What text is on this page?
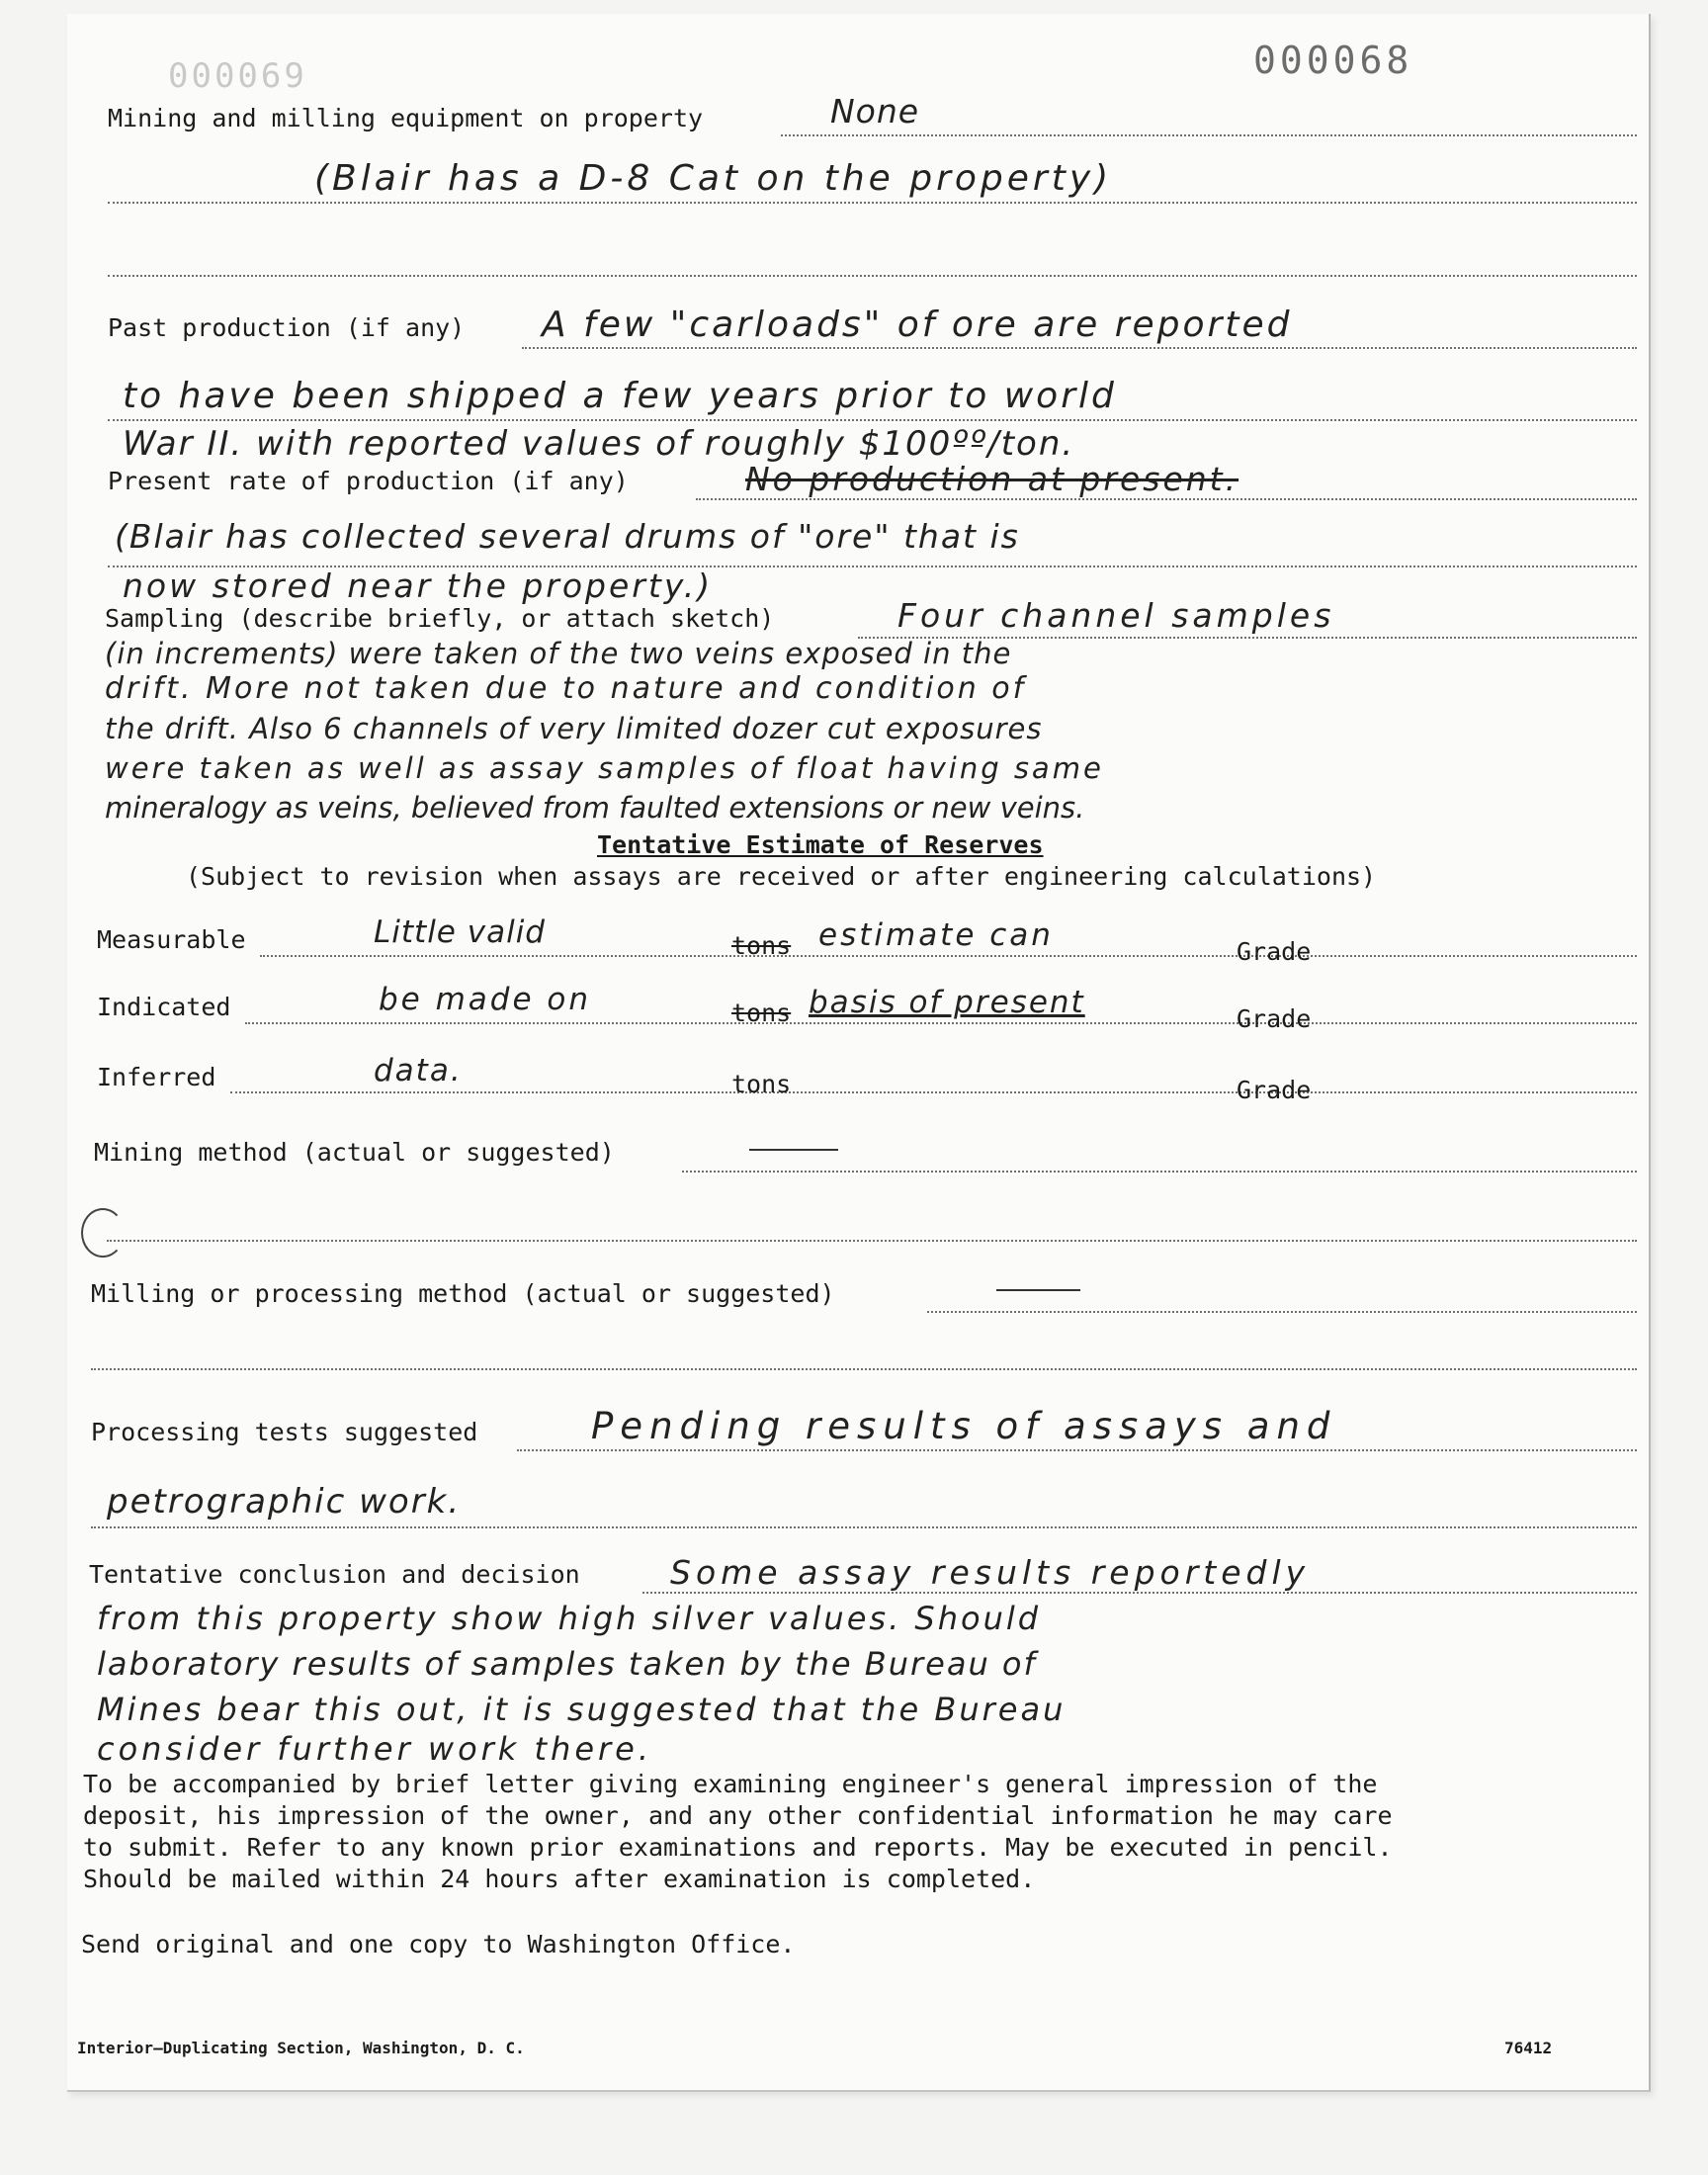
000069	000068
Mining and milling equipment on property	None
(Blair has a D-8 Cat on the property)
Past production (if any) A few "carloads" of ore are reported
to have been shipped a few years prior to world
War II. with reported values of roughly $100ºº/ton.
Present rate of production (if any)	No production at present.
(Blair has collected several drums of "ore" that is
now stored near the property.)
Sampling (describe briefly, or attach sketch)	Four channel samples
(in increments) were taken of the two veins exposed in the
drift. More not taken due to nature and condition of
the drift. Also 6 channels of very limited dozer cut exposures
were taken as well as assay samples of float having same
mineralogy as veins, believed from faulted extensions or new veins.
Tentative Estimate of Reserves
(Subject to revision when assays are received or after engineering calculations)
Measurable	Little valid	tons estimate can	Grade
Indicated	be made on	tons basis of present	Grade
Inferred	data.	tons	Grade
Mining method (actual or suggested)
Milling or processing method (actual or suggested)
Processing tests suggested	Pending results of assays and
petrographic work.
Tentative conclusion and decision	Some assay results reportedly
from this property show high silver values. Should
laboratory results of samples taken by the Bureau of
Mines bear this out, it is suggested that the Bureau
consider further work there.
To be accompanied by brief letter giving examining engineer's general impression of the
deposit, his impression of the owner, and any other confidential information he may care
to submit. Refer to any known prior examinations and reports. May be executed in pencil.
Should be mailed within 24 hours after examination is completed.
Send original and one copy to Washington Office.
Interior—Duplicating Section, Washington, D. C.	76412
